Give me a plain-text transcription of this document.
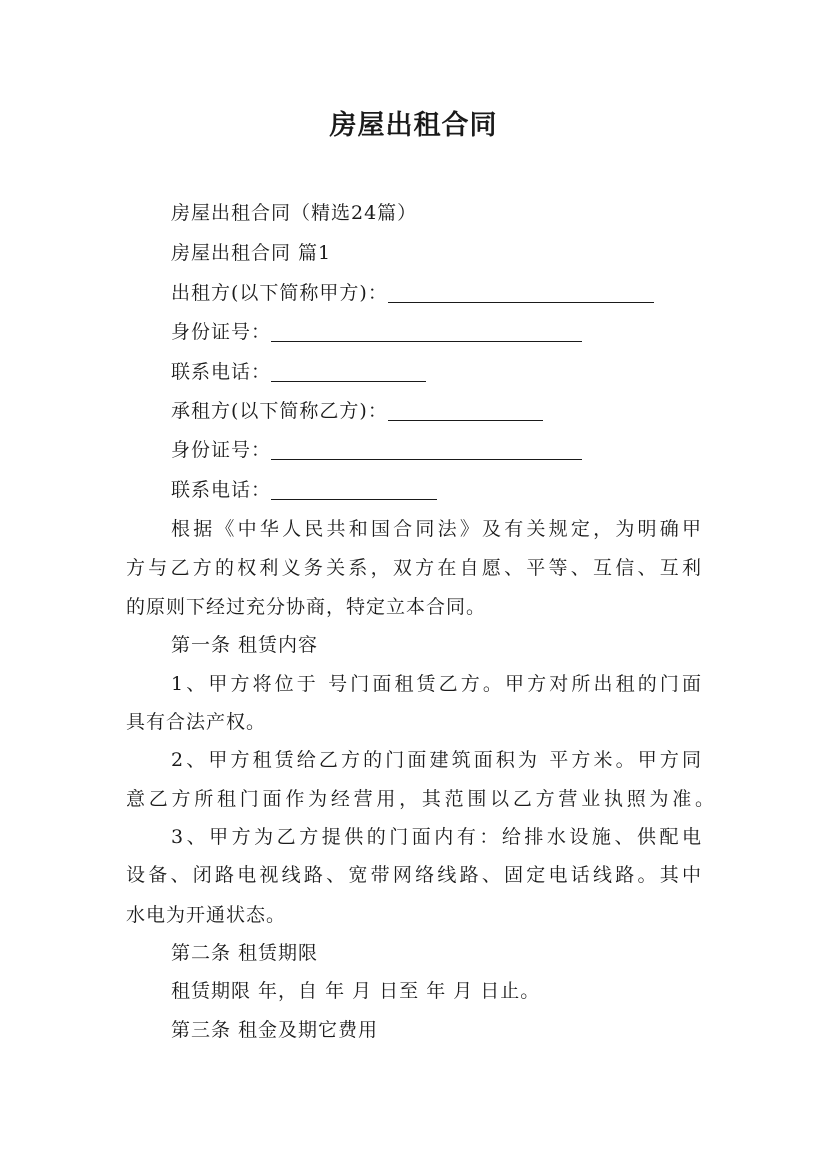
房屋出租合同
房屋出租合同（精选24篇）
房屋出租合同 篇1
出租方(以下简称甲方)：
身份证号：
联系电话：
承租方(以下简称乙方)：
身份证号：
联系电话：
根据《中华人民共和国合同法》及有关规定，为明确甲
方与乙方的权利义务关系，双方在自愿、平等、互信、互利
的原则下经过充分协商，特定立本合同。
第一条 租赁内容
1、甲方将位于 号门面租赁乙方。甲方对所出租的门面
具有合法产权。
2、甲方租赁给乙方的门面建筑面积为 平方米。甲方同
意乙方所租门面作为经营用，其范围以乙方营业执照为准。
3、甲方为乙方提供的门面内有：给排水设施、供配电
设备、闭路电视线路、宽带网络线路、固定电话线路。其中
水电为开通状态。
第二条 租赁期限
租赁期限 年，自 年 月 日至 年 月 日止。
第三条 租金及期它费用
